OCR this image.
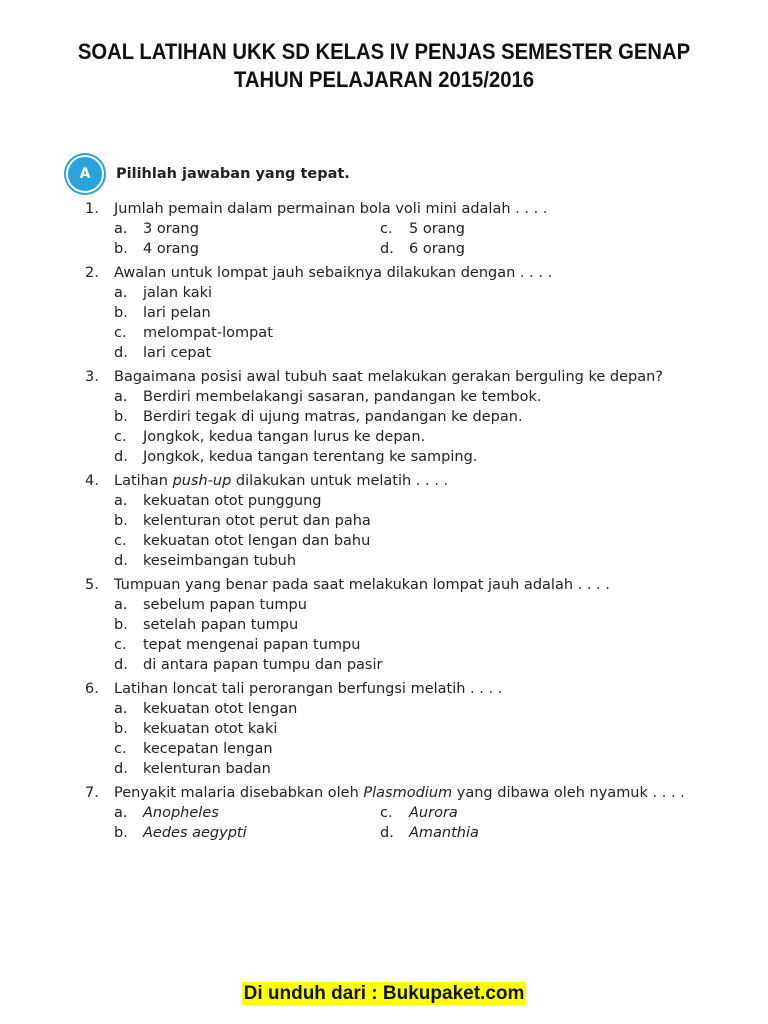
SOAL LATIHAN UKK SD KELAS IV PENJAS SEMESTER GENAP
TAHUN PELAJARAN 2015/2016
A	Pilihlah jawaban yang tepat.
1.	Jumlah pemain dalam permainan bola voli mini adalah . . . .
a.	3 orang	c.	5 orang
b.	4 orang	d.	6 orang
2.	Awalan untuk lompat jauh sebaiknya dilakukan dengan . . . .
a.	jalan kaki
b.	lari pelan
c.	melompat-lompat
d.	lari cepat
3.	Bagaimana posisi awal tubuh saat melakukan gerakan berguling ke depan?
a.	Berdiri membelakangi sasaran, pandangan ke tembok.
b.	Berdiri tegak di ujung matras, pandangan ke depan.
c.	Jongkok, kedua tangan lurus ke depan.
d.	Jongkok, kedua tangan terentang ke samping.
4.	Latihan push-up dilakukan untuk melatih . . . .
a.	kekuatan otot punggung
b.	kelenturan otot perut dan paha
c.	kekuatan otot lengan dan bahu
d.	keseimbangan tubuh
5.	Tumpuan yang benar pada saat melakukan lompat jauh adalah . . . .
a.	sebelum papan tumpu
b.	setelah papan tumpu
c.	tepat mengenai papan tumpu
d.	di antara papan tumpu dan pasir
6.	Latihan loncat tali perorangan berfungsi melatih . . . .
a.	kekuatan otot lengan
b.	kekuatan otot kaki
c.	kecepatan lengan
d.	kelenturan badan
7.	Penyakit malaria disebabkan oleh Plasmodium yang dibawa oleh nyamuk . . . .
a.	Anopheles	c.	Aurora
b.	Aedes aegypti	d.	Amanthia
Di unduh dari : Bukupaket.com
